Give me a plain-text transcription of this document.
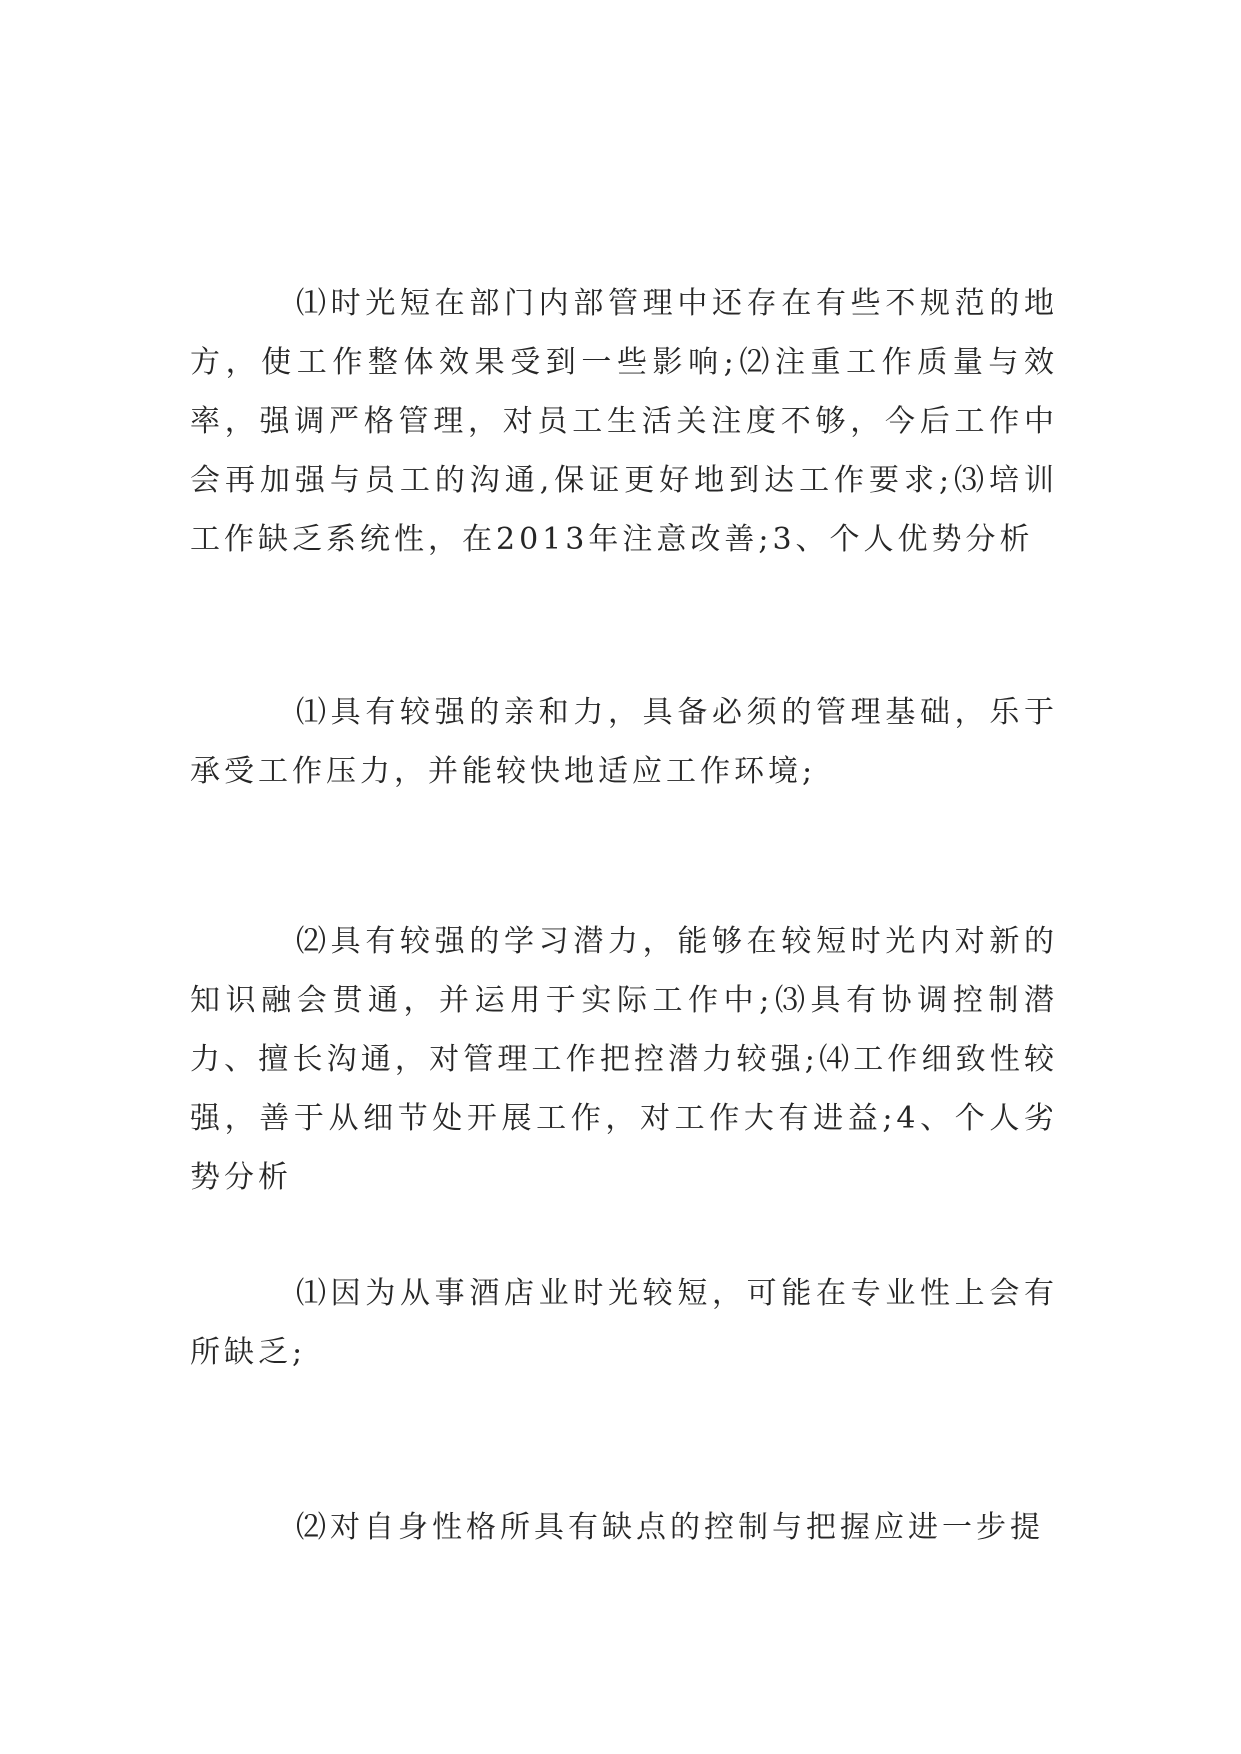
⑴时光短在部门内部管理中还存在有些不规范的地方，使工作整体效果受到一些影响;⑵注重工作质量与效率，强调严格管理，对员工生活关注度不够，今后工作中会再加强与员工的沟通,保证更好地到达工作要求;⑶培训工作缺乏系统性，在2013年注意改善;3、个人优势分析

⑴具有较强的亲和力，具备必须的管理基础，乐于承受工作压力，并能较快地适应工作环境;

⑵具有较强的学习潜力，能够在较短时光内对新的知识融会贯通，并运用于实际工作中;⑶具有协调控制潜力、擅长沟通，对管理工作把控潜力较强;⑷工作细致性较强，善于从细节处开展工作，对工作大有进益;4、个人劣势分析

⑴因为从事酒店业时光较短，可能在专业性上会有所缺乏;

⑵对自身性格所具有缺点的控制与把握应进一步提
